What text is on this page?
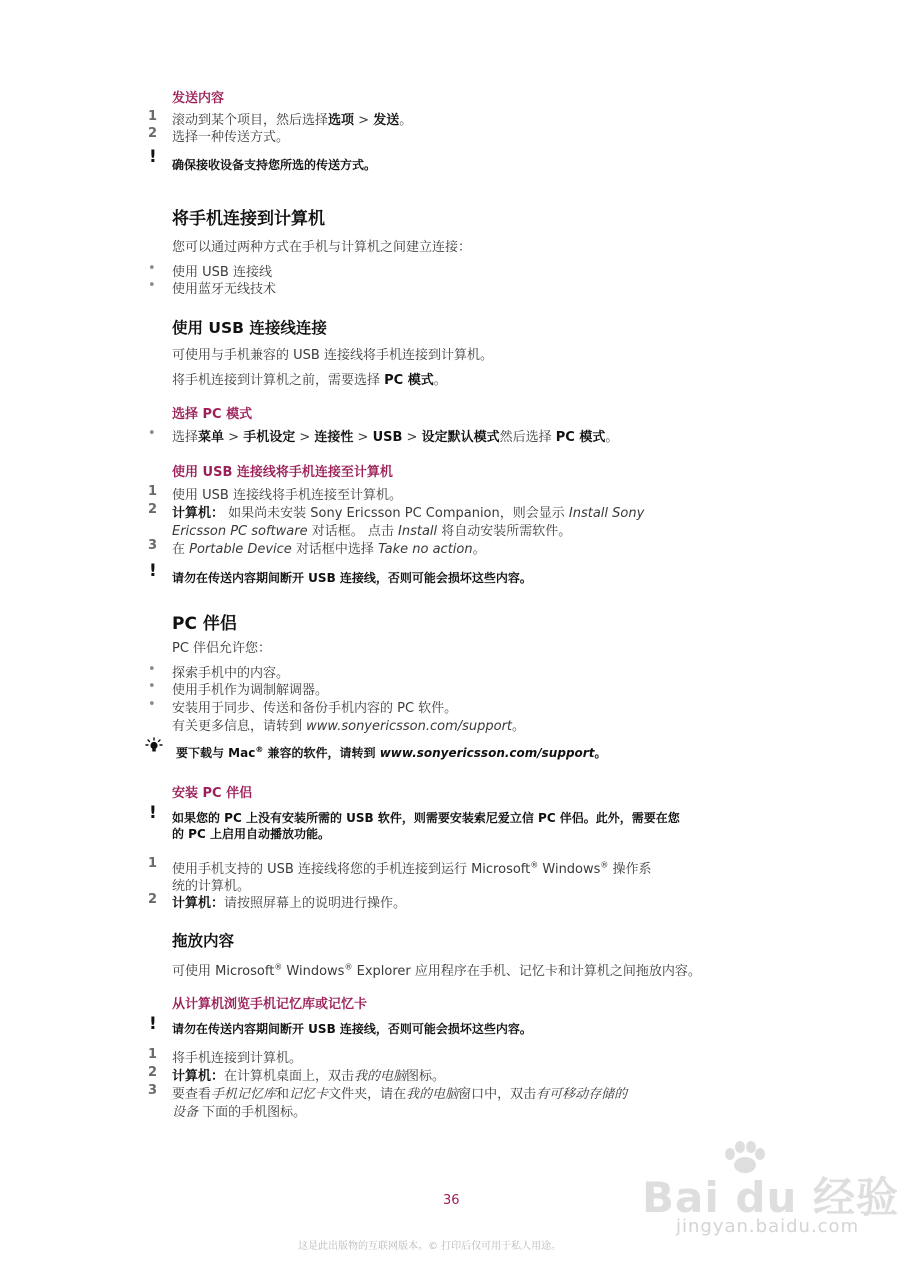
发送内容
1 滚动到某个项目，然后选择选项 > 发送。
2 选择一种传送方式。
! 确保接收设备支持您所选的传送方式。
将手机连接到计算机
您可以通过两种方式在手机与计算机之间建立连接：
• 使用 USB 连接线
• 使用蓝牙无线技术
使用 USB 连接线连接
可使用与手机兼容的 USB 连接线将手机连接到计算机。
将手机连接到计算机之前，需要选择 PC 模式。
选择 PC 模式
• 选择菜单 > 手机设定 > 连接性 > USB > 设定默认模式然后选择 PC 模式。
使用 USB 连接线将手机连接至计算机
1 使用 USB 连接线将手机连接至计算机。
2 计算机： 如果尚未安装 Sony Ericsson PC Companion，则会显示 Install Sony
Ericsson PC software 对话框。 点击 Install 将自动安装所需软件。
3 在 Portable Device 对话框中选择 Take no action。
! 请勿在传送内容期间断开 USB 连接线，否则可能会损坏这些内容。
PC 伴侣
PC 伴侣允许您：
• 探索手机中的内容。
• 使用手机作为调制解调器。
• 安装用于同步、传送和备份手机内容的 PC 软件。
有关更多信息，请转到 www.sonyericsson.com/support。
要下载与 Mac® 兼容的软件，请转到 www.sonyericsson.com/support。
安装 PC 伴侣
! 如果您的 PC 上没有安装所需的 USB 软件，则需要安装索尼爱立信 PC 伴侣。此外，需要在您
的 PC 上启用自动播放功能。
1 使用手机支持的 USB 连接线将您的手机连接到运行 Microsoft® Windows® 操作系
统的计算机。
2 计算机：请按照屏幕上的说明进行操作。
拖放内容
可使用 Microsoft® Windows® Explorer 应用程序在手机、记忆卡和计算机之间拖放内容。
从计算机浏览手机记忆库或记忆卡
! 请勿在传送内容期间断开 USB 连接线，否则可能会损坏这些内容。
1 将手机连接到计算机。
2 计算机：在计算机桌面上，双击我的电脑图标。
3 要查看手机记忆库和记忆卡文件夹，请在我的电脑窗口中，双击有可移动存储的
设备 下面的手机图标。
36
这是此出版物的互联网版本。© 打印后仅可用于私人用途。
Bai du 经验
jingyan.baidu.com
